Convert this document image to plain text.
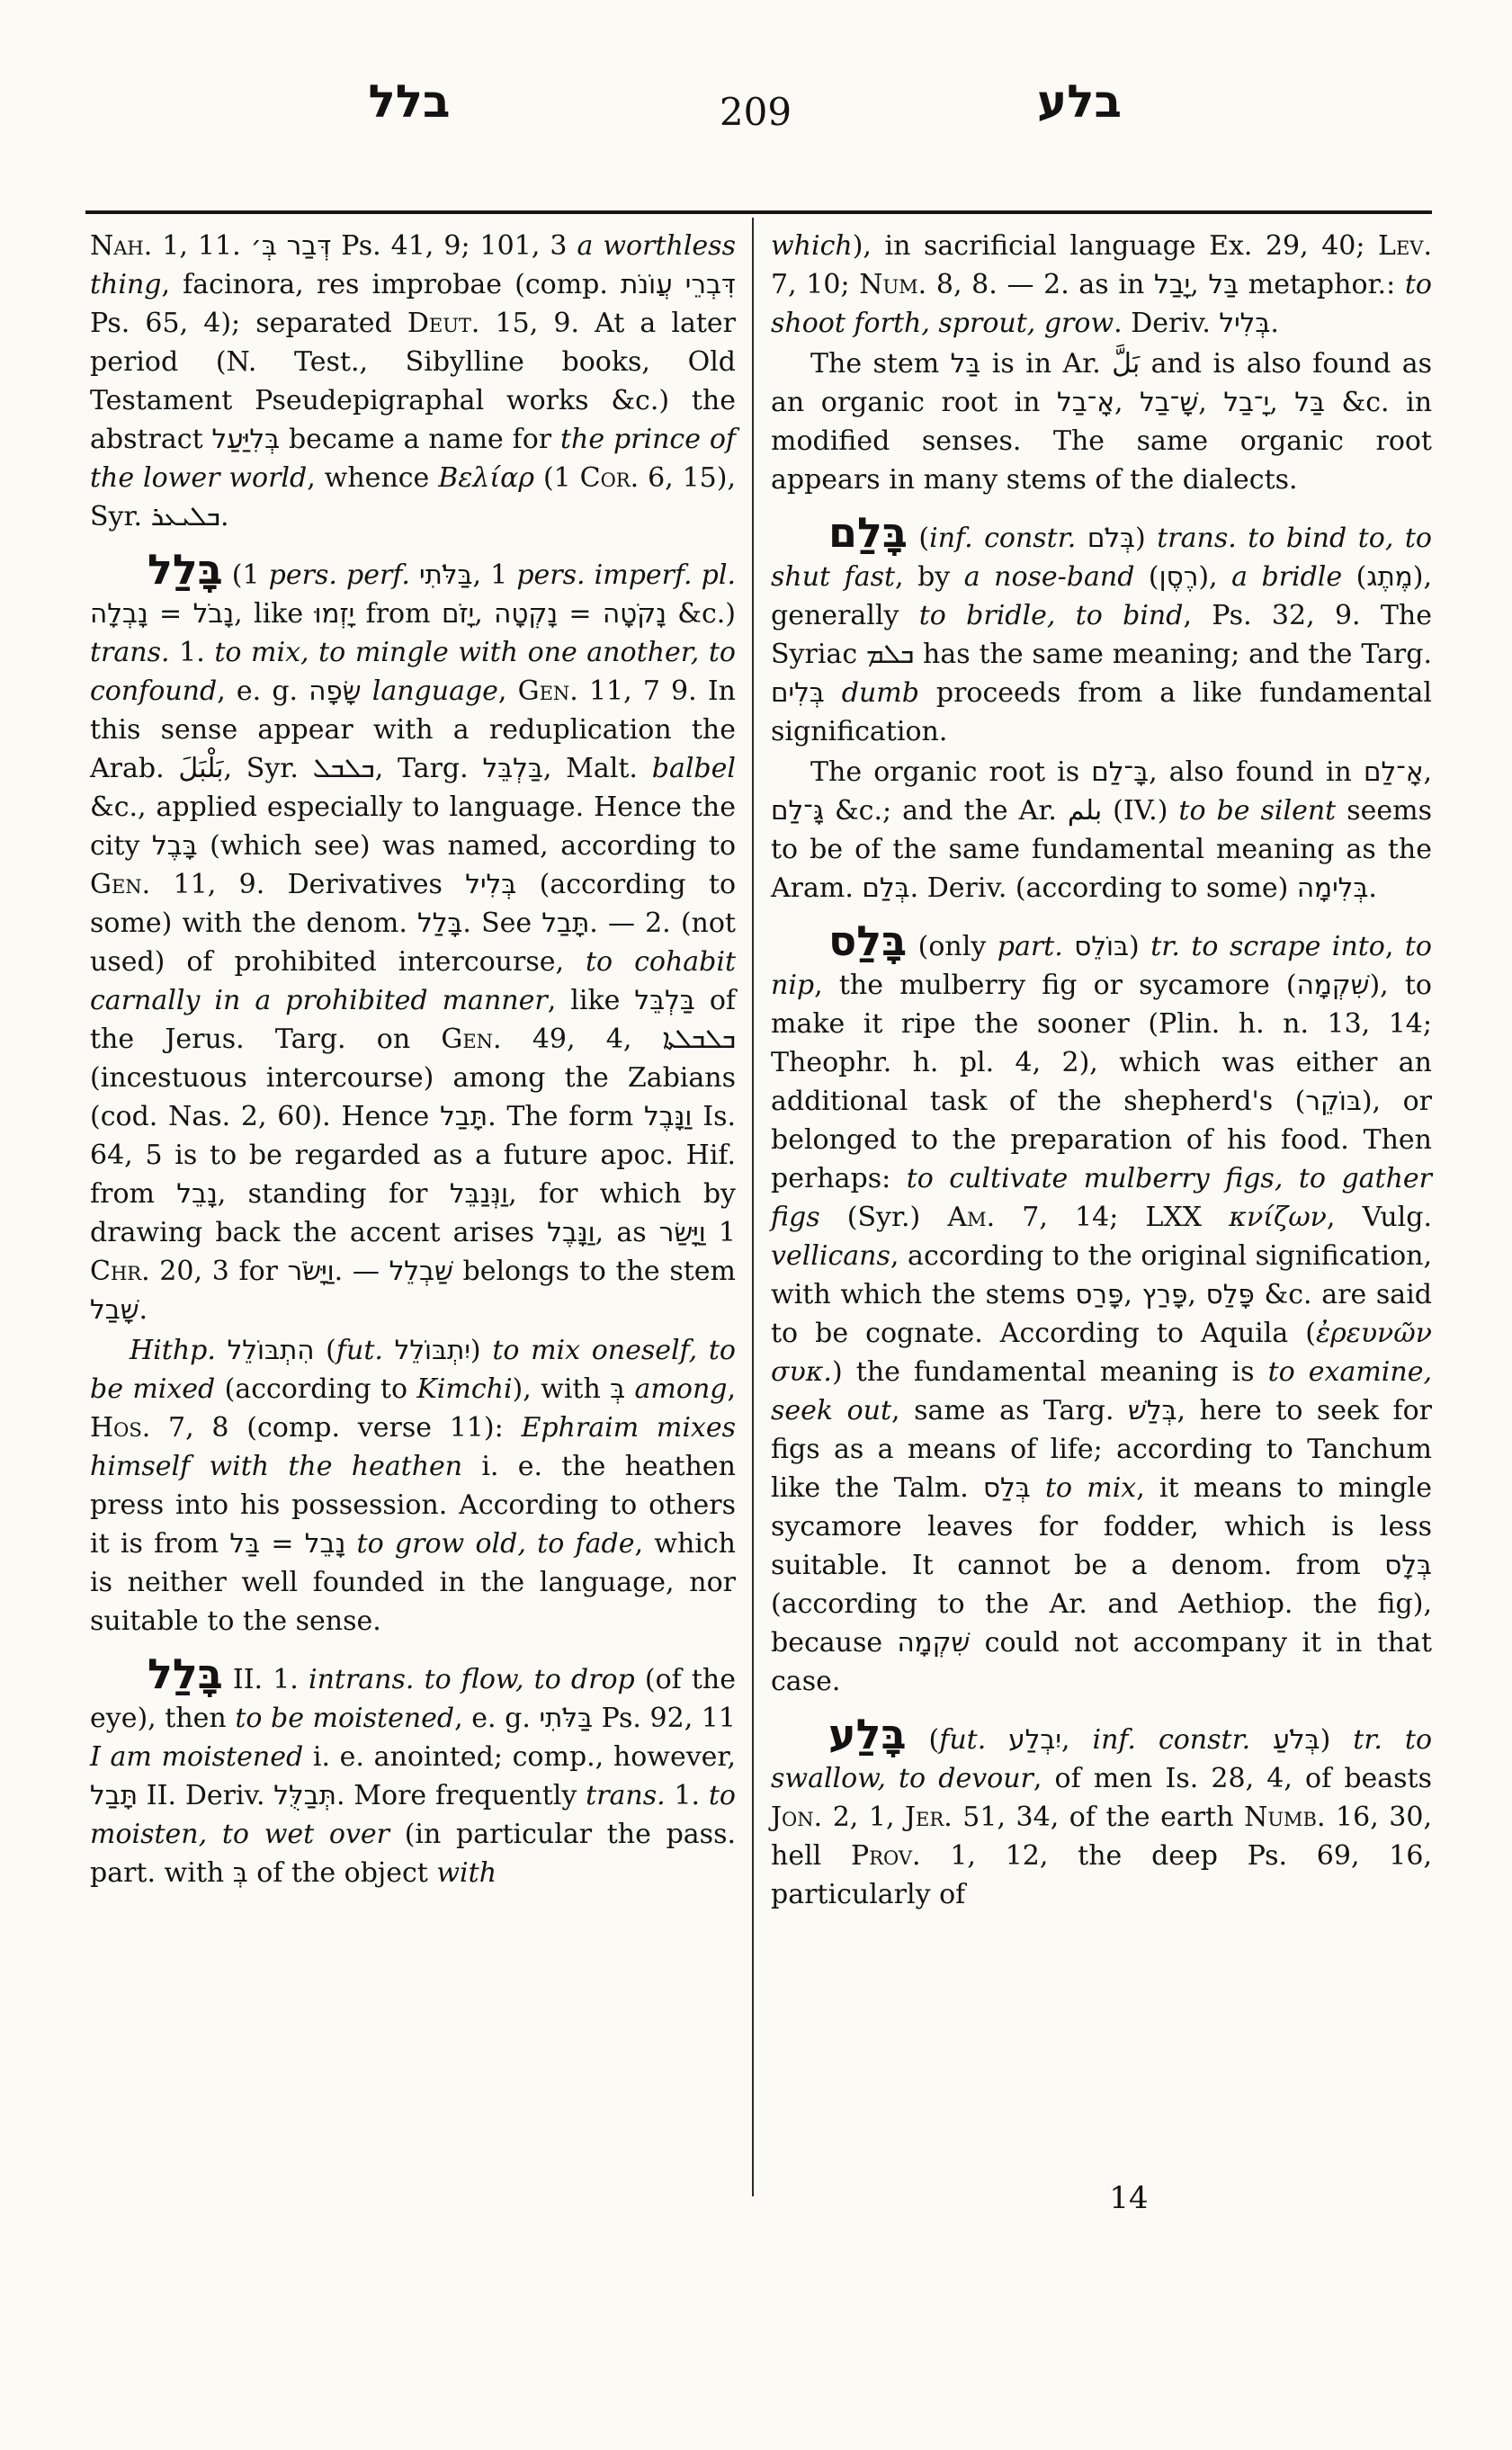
בלל	209	בלע

Nah. 1, 11. דְּבַר בְּ׳ Ps. 41, 9; 101, 3 a worthless thing, facinora, res improbae (comp. דִּבְרֵי עֲוֹנֹת Ps. 65, 4); separated Deut. 15, 9. At a later period (N. Test., Sibylline books, Old Testament Pseudepigraphal works &c.) the abstract בְּלִיַּעַל became a name for the prince of the lower world, whence Βελίαρ (1 Cor. 6, 15), Syr. ܒܠܝܥܪ.

בָּלַל (1 pers. perf. בַּלֹּתִי, 1 pers. imperf. pl. נָבְלָה = נָבֹל, like יָזְמוּ from יָזֹם, נָקְטָה = נָקֹטָה &c.) trans. 1. to mix, to mingle with one another, to confound, e. g. שָׂפָה language, Gen. 11, 7 9. In this sense appear with a reduplication the Arab. بَلْبَلَ, Syr. ܒܠܒܠ, Targ. בַּלְבֵּל, Malt. balbel &c., applied especially to language. Hence the city בָּבֶל (which see) was named, according to Gen. 11, 9. Derivatives בְּלִיל (according to some) with the denom. בָּלַל. See תָּבַל. — 2. (not used) of prohibited intercourse, to cohabit carnally in a prohibited manner, like בַּלְבֵּל of the Jerus. Targ. on Gen. 49, 4, ܒܠܒܠܬܐ (incestuous intercourse) among the Zabians (cod. Nas. 2, 60). Hence תָּבַל. The form וַנָּבֶל Is. 64, 5 is to be regarded as a future apoc. Hif. from נָבֵל, standing for וַנְּנַבֵּל, for which by drawing back the accent arises וַנָּבֶל, as וַיָּשַׂר 1 Chr. 20, 3 for וַיָּשֹׂר. — שַׁבְלֵל belongs to the stem שָׁבַל.

Hithp. הִתְבּוֹלֵל (fut. יִתְבּוֹלֵל) to mix oneself, to be mixed (according to Kimchi), with בְּ among, Hos. 7, 8 (comp. verse 11): Ephraim mixes himself with the heathen i. e. the heathen press into his possession. According to others it is from בַּל = נָבֵל to grow old, to fade, which is neither well founded in the language, nor suitable to the sense.

בָּלַל II. 1. intrans. to flow, to drop (of the eye), then to be moistened, e. g. בַּלֹּתִי Ps. 92, 11 I am moistened i. e. anointed; comp., however, תָּבַל II. Deriv. תְּבַלֻּל. More frequently trans. 1. to moisten, to wet over (in particular the pass. part. with בְּ of the object with

which), in sacrificial language Ex. 29, 40; Lev. 7, 10; Num. 8, 8. — 2. as in יָבַל, בַּל metaphor.: to shoot forth, sprout, grow. Deriv. בְּלִיל.

The stem בַּל is in Ar. بَلَّ and is also found as an organic root in אָ־בַל, שָׁ־בַל, יָ־בַל, בַּל &c. in modified senses. The same organic root appears in many stems of the dialects.

בָּלַם (inf. constr. בְּלֹם) trans. to bind to, to shut fast, by a nose-band (רֶסֶן), a bridle (מֶתֶג), generally to bridle, to bind, Ps. 32, 9. The Syriac ܒܠܡ has the same meaning; and the Targ. בְּלִים dumb proceeds from a like fundamental signification.

The organic root is בָּ־לַם, also found in אָ־לַם, גָּ־לַם &c.; and the Ar. بلم (IV.) to be silent seems to be of the same fundamental meaning as the Aram. בְּלַם. Deriv. (according to some) בְּלִימָה.

בָּלַס (only part. בּוֹלֵס) tr. to scrape into, to nip, the mulberry fig or sycamore (שִׁקְמָה), to make it ripe the sooner (Plin. h. n. 13, 14; Theophr. h. pl. 4, 2), which was either an additional task of the shepherd's (בּוֹקֵר), or belonged to the preparation of his food. Then perhaps: to cultivate mulberry figs, to gather figs (Syr.) Am. 7, 14; LXX κνίζων, Vulg. vellicans, according to the original signification, with which the stems פָּרַס, פָּרַץ, פָּלַס &c. are said to be cognate. According to Aquila (ἐρευνῶν συκ.) the fundamental meaning is to examine, seek out, same as Targ. בְּלַשׁ, here to seek for figs as a means of life; according to Tanchum like the Talm. בְּלַס to mix, it means to mingle sycamore leaves for fodder, which is less suitable. It cannot be a denom. from בְּלָס (according to the Ar. and Aethiop. the fig), because שִׁקְמָה could not accompany it in that case.

בָּלַע (fut. יִבְלַע, inf. constr. בְּלֹעַ) tr. to swallow, to devour, of men Is. 28, 4, of beasts Jon. 2, 1, Jer. 51, 34, of the earth Numb. 16, 30, hell Prov. 1, 12, the deep Ps. 69, 16, particularly of

14
